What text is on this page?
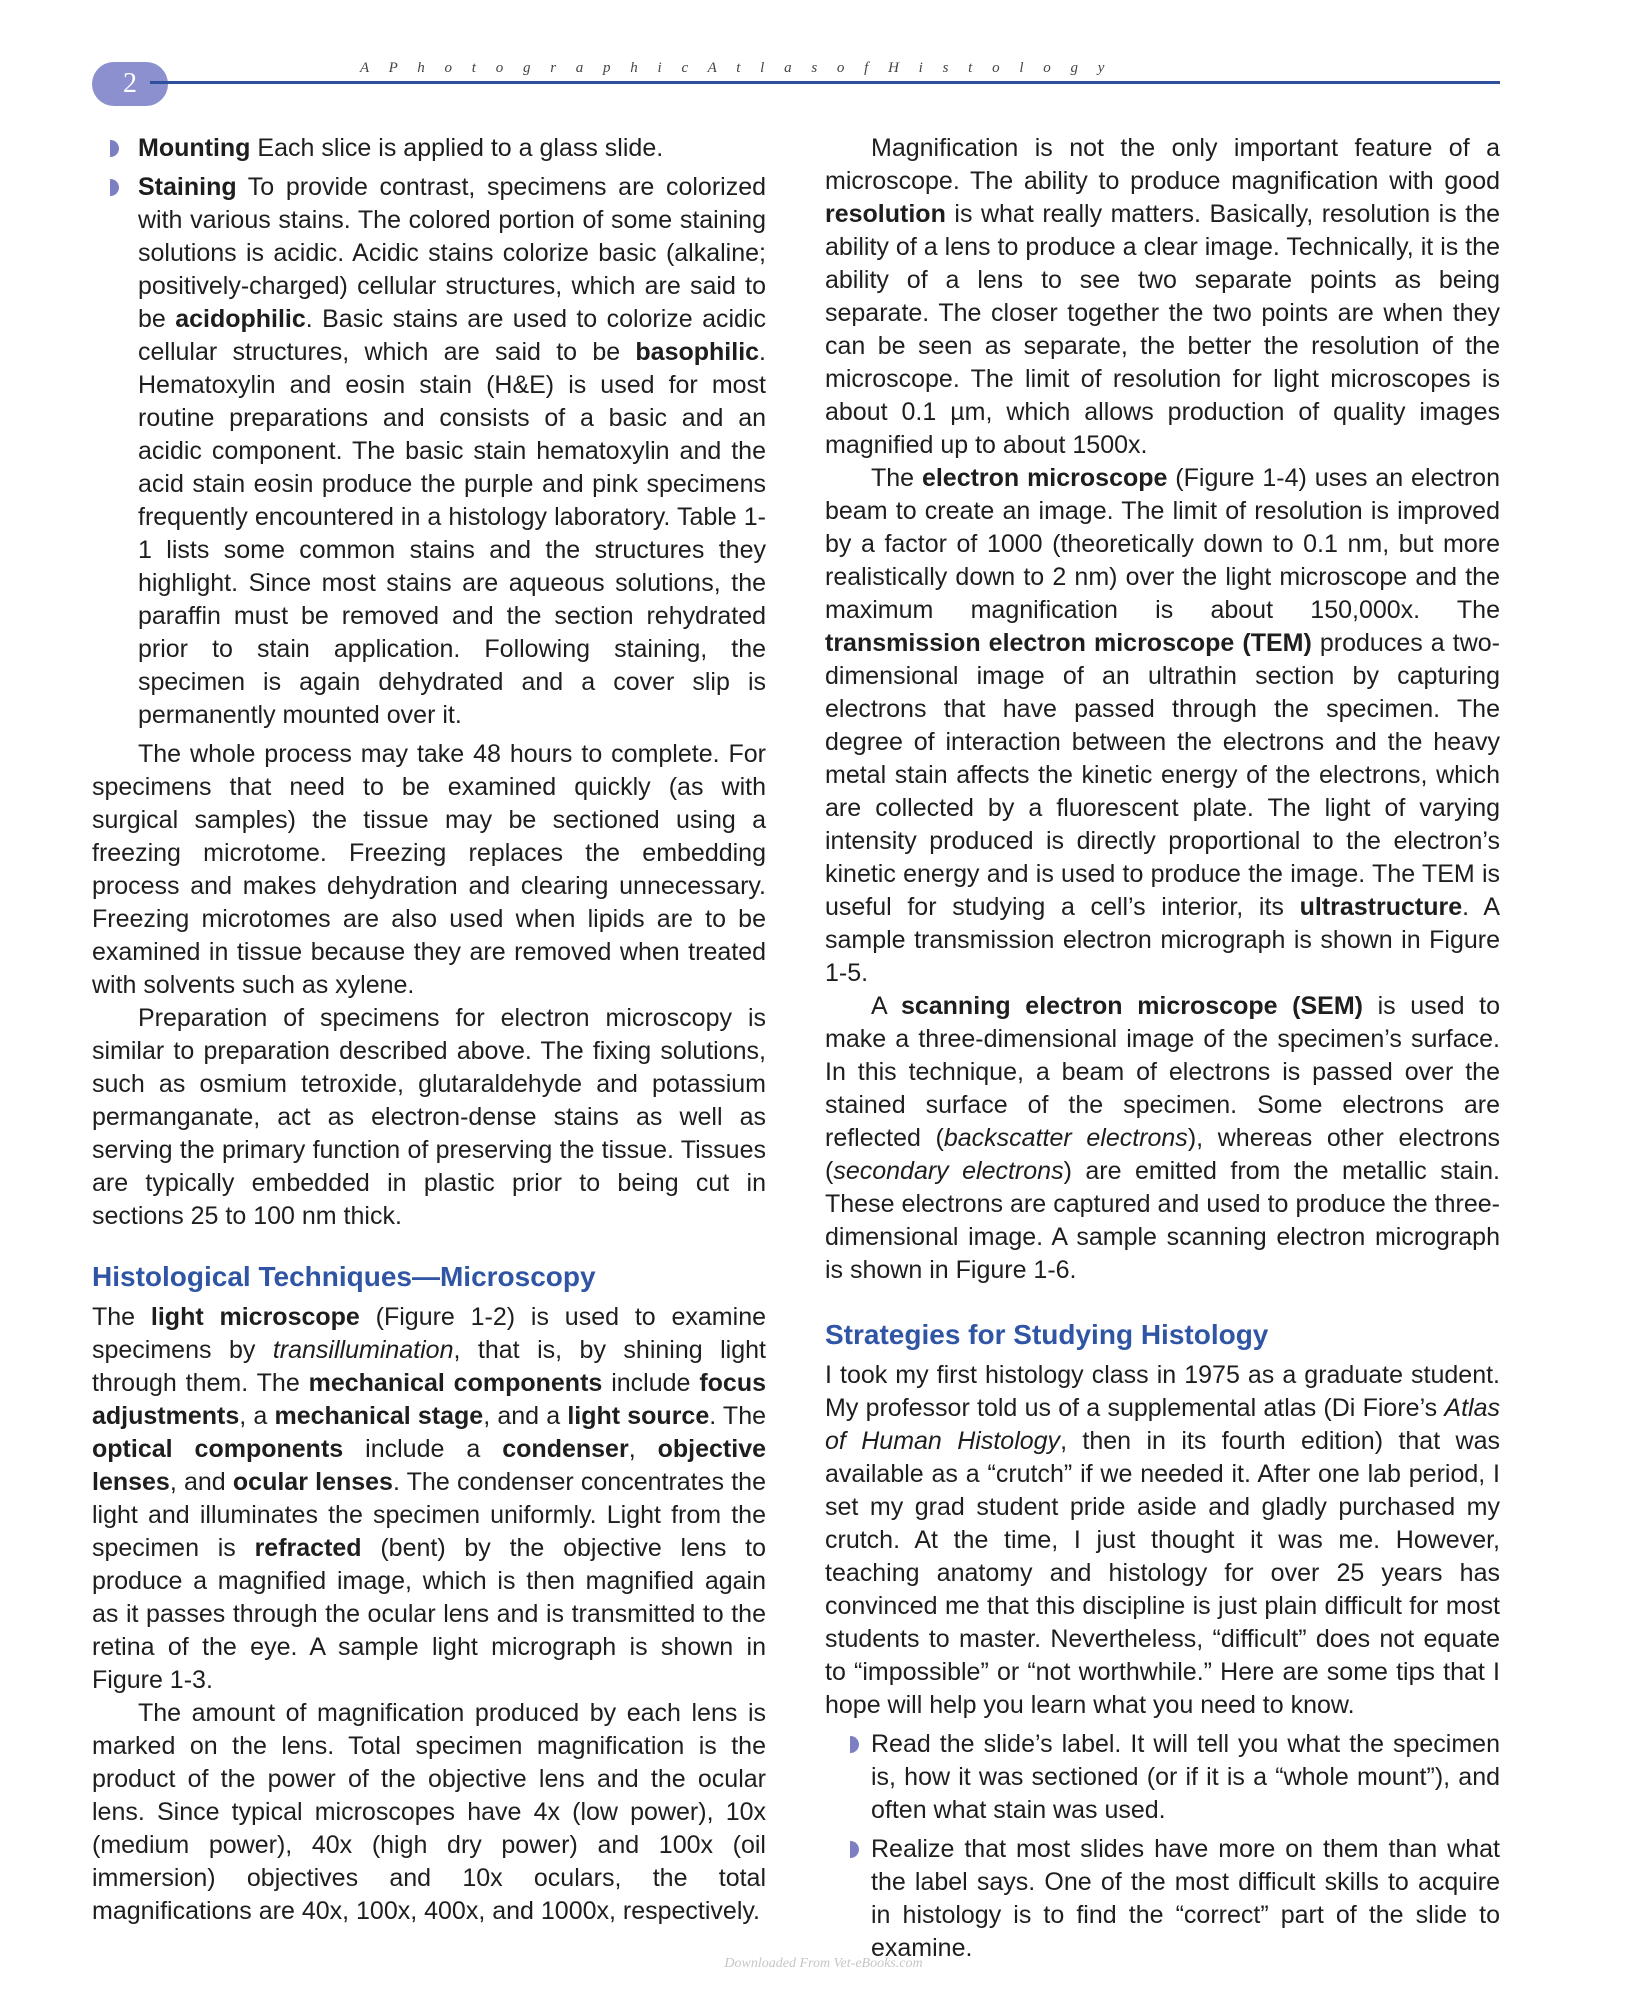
2	A P h o t o g r a p h i c A t l a s o f H i s t o l o g y
Mounting Each slice is applied to a glass slide.
Staining To provide contrast, specimens are colorized with various stains. The colored portion of some staining solutions is acidic. Acidic stains colorize basic (alkaline; positively-charged) cellular structures, which are said to be acidophilic. Basic stains are used to colorize acidic cellular structures, which are said to be basophilic. Hematoxylin and eosin stain (H&E) is used for most routine preparations and consists of a basic and an acidic component. The basic stain hematoxylin and the acid stain eosin produce the purple and pink specimens frequently encountered in a histology laboratory. Table 1-1 lists some common stains and the structures they highlight. Since most stains are aqueous solutions, the paraffin must be removed and the section rehydrated prior to stain application. Following staining, the specimen is again dehydrated and a cover slip is permanently mounted over it.

The whole process may take 48 hours to complete. For specimens that need to be examined quickly (as with surgical samples) the tissue may be sectioned using a freezing microtome. Freezing replaces the embedding process and makes dehydration and clearing unnecessary. Freezing microtomes are also used when lipids are to be examined in tissue because they are removed when treated with solvents such as xylene.

Preparation of specimens for electron microscopy is similar to preparation described above. The fixing solutions, such as osmium tetroxide, glutaraldehyde and potassium permanganate, act as electron-dense stains as well as serving the primary function of preserving the tissue. Tissues are typically embedded in plastic prior to being cut in sections 25 to 100 nm thick.

Histological Techniques—Microscopy

The light microscope (Figure 1-2) is used to examine specimens by transillumination, that is, by shining light through them. The mechanical components include focus adjustments, a mechanical stage, and a light source. The optical components include a condenser, objective lenses, and ocular lenses. The condenser concentrates the light and illuminates the specimen uniformly. Light from the specimen is refracted (bent) by the objective lens to produce a magnified image, which is then magnified again as it passes through the ocular lens and is transmitted to the retina of the eye. A sample light micrograph is shown in Figure 1-3.

The amount of magnification produced by each lens is marked on the lens. Total specimen magnification is the product of the power of the objective lens and the ocular lens. Since typical microscopes have 4x (low power), 10x (medium power), 40x (high dry power) and 100x (oil immersion) objectives and 10x oculars, the total magnifications are 40x, 100x, 400x, and 1000x, respectively.

Magnification is not the only important feature of a microscope. The ability to produce magnification with good resolution is what really matters. Basically, resolution is the ability of a lens to produce a clear image. Technically, it is the ability of a lens to see two separate points as being separate. The closer together the two points are when they can be seen as separate, the better the resolution of the microscope. The limit of resolution for light microscopes is about 0.1 µm, which allows production of quality images magnified up to about 1500x.

The electron microscope (Figure 1-4) uses an electron beam to create an image. The limit of resolution is improved by a factor of 1000 (theoretically down to 0.1 nm, but more realistically down to 2 nm) over the light microscope and the maximum magnification is about 150,000x. The transmission electron microscope (TEM) produces a two-dimensional image of an ultrathin section by capturing electrons that have passed through the specimen. The degree of interaction between the electrons and the heavy metal stain affects the kinetic energy of the electrons, which are collected by a fluorescent plate. The light of varying intensity produced is directly proportional to the electron’s kinetic energy and is used to produce the image. The TEM is useful for studying a cell’s interior, its ultrastructure. A sample transmission electron micrograph is shown in Figure 1-5.

A scanning electron microscope (SEM) is used to make a three-dimensional image of the specimen’s surface. In this technique, a beam of electrons is passed over the stained surface of the specimen. Some electrons are reflected (backscatter electrons), whereas other electrons (secondary electrons) are emitted from the metallic stain. These electrons are captured and used to produce the three-dimensional image. A sample scanning electron micrograph is shown in Figure 1-6.

Strategies for Studying Histology

I took my first histology class in 1975 as a graduate student. My professor told us of a supplemental atlas (Di Fiore’s Atlas of Human Histology, then in its fourth edition) that was available as a “crutch” if we needed it. After one lab period, I set my grad student pride aside and gladly purchased my crutch. At the time, I just thought it was me. However, teaching anatomy and histology for over 25 years has convinced me that this discipline is just plain difficult for most students to master. Nevertheless, “difficult” does not equate to “impossible” or “not worthwhile.” Here are some tips that I hope will help you learn what you need to know.

Read the slide’s label. It will tell you what the specimen is, how it was sectioned (or if it is a “whole mount”), and often what stain was used.
Realize that most slides have more on them than what the label says. One of the most difficult skills to acquire in histology is to find the “correct” part of the slide to examine.
Downloaded From Vet-eBooks.com
